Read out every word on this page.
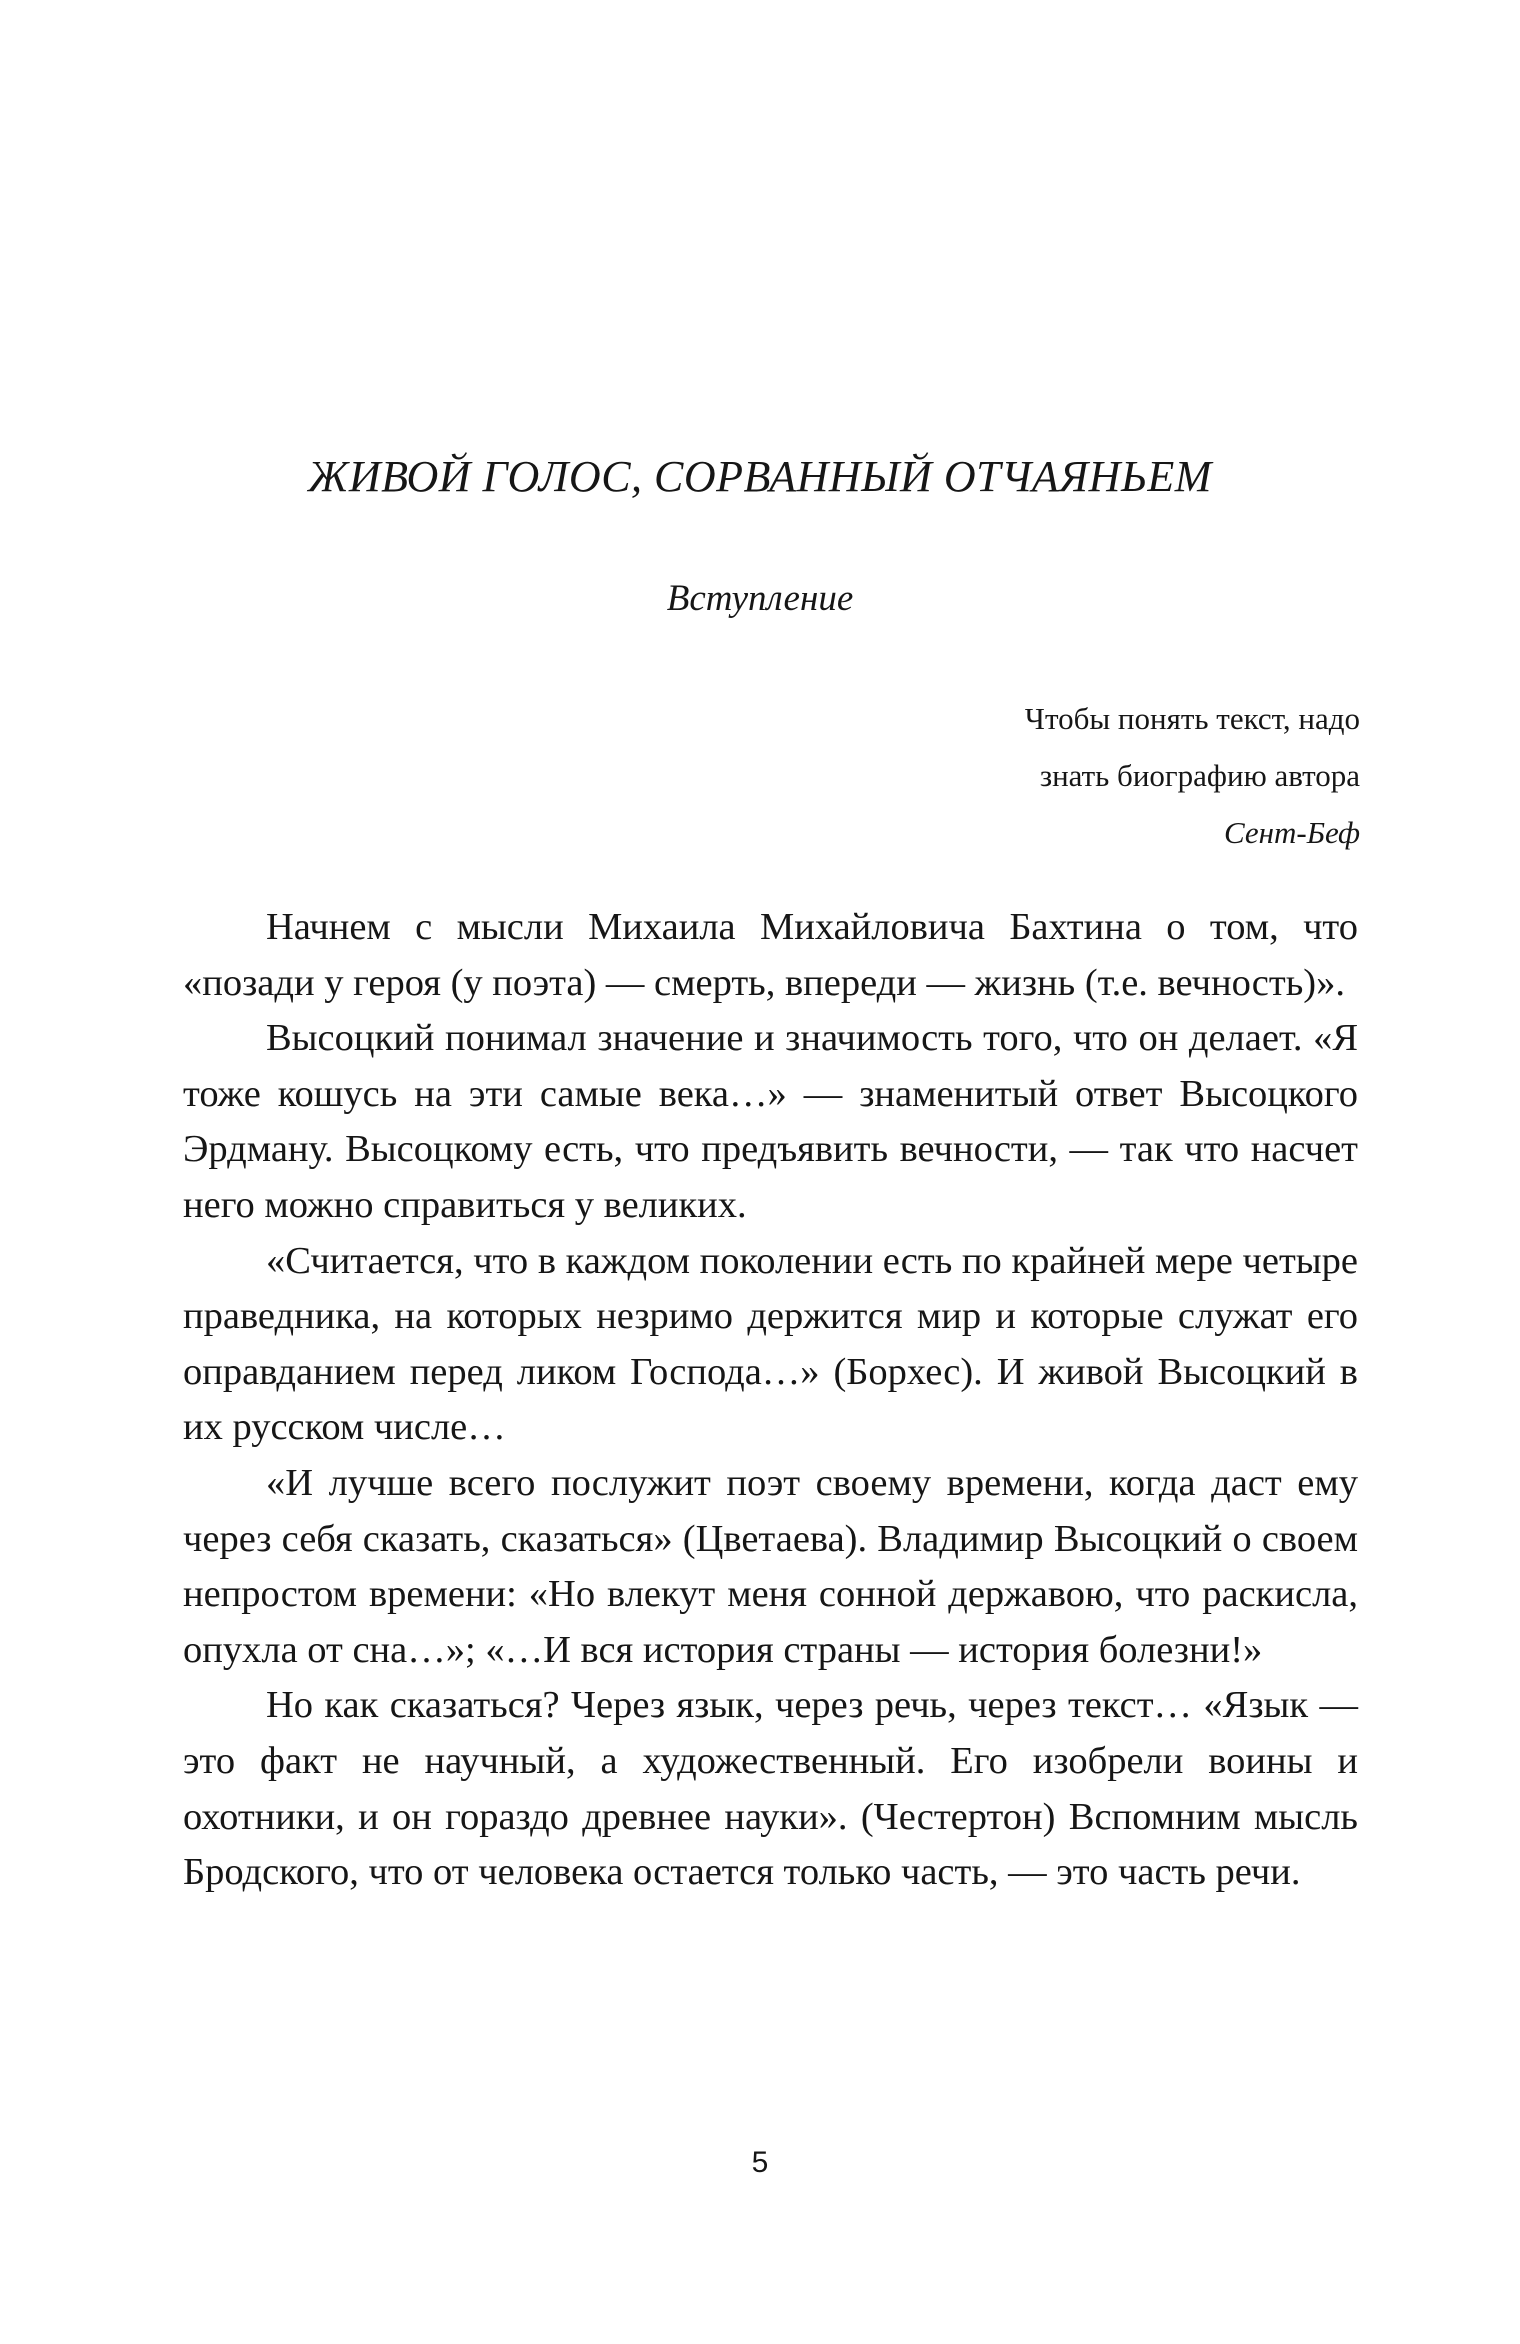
ЖИВОЙ ГОЛОС, СОРВАННЫЙ ОТЧАЯНЬЕМ
Вступление
Чтобы понять текст, надо
знать биографию автора
Сент-Беф

Начнем с мысли Михаила Михайловича Бахтина о том, что «позади у героя (у поэта) — смерть, впереди — жизнь (т.е. вечность)».

Высоцкий понимал значение и значимость того, что он делает. «Я тоже кошусь на эти самые века…» — знаменитый ответ Высоцкого Эрдману. Высоцкому есть, что предъявить вечности, — так что насчет него можно справиться у великих.

«Считается, что в каждом поколении есть по крайней мере четыре праведника, на которых незримо держится мир и которые служат его оправданием перед ликом Господа…» (Борхес). И живой Высоцкий в их русском числе…

«И лучше всего послужит поэт своему времени, когда даст ему через себя сказать, сказаться» (Цветаева). Владимир Высоцкий о своем непростом времени: «Но влекут меня сонной державою, что раскисла, опухла от сна…»; «…И вся история страны — история болезни!»

Но как сказаться? Через язык, через речь, через текст… «Язык — это факт не научный, а художественный. Его изобрели воины и охотники, и он гораздо древнее науки». (Честертон) Вспомним мысль Бродского, что от человека остается только часть, — это часть речи.

5
